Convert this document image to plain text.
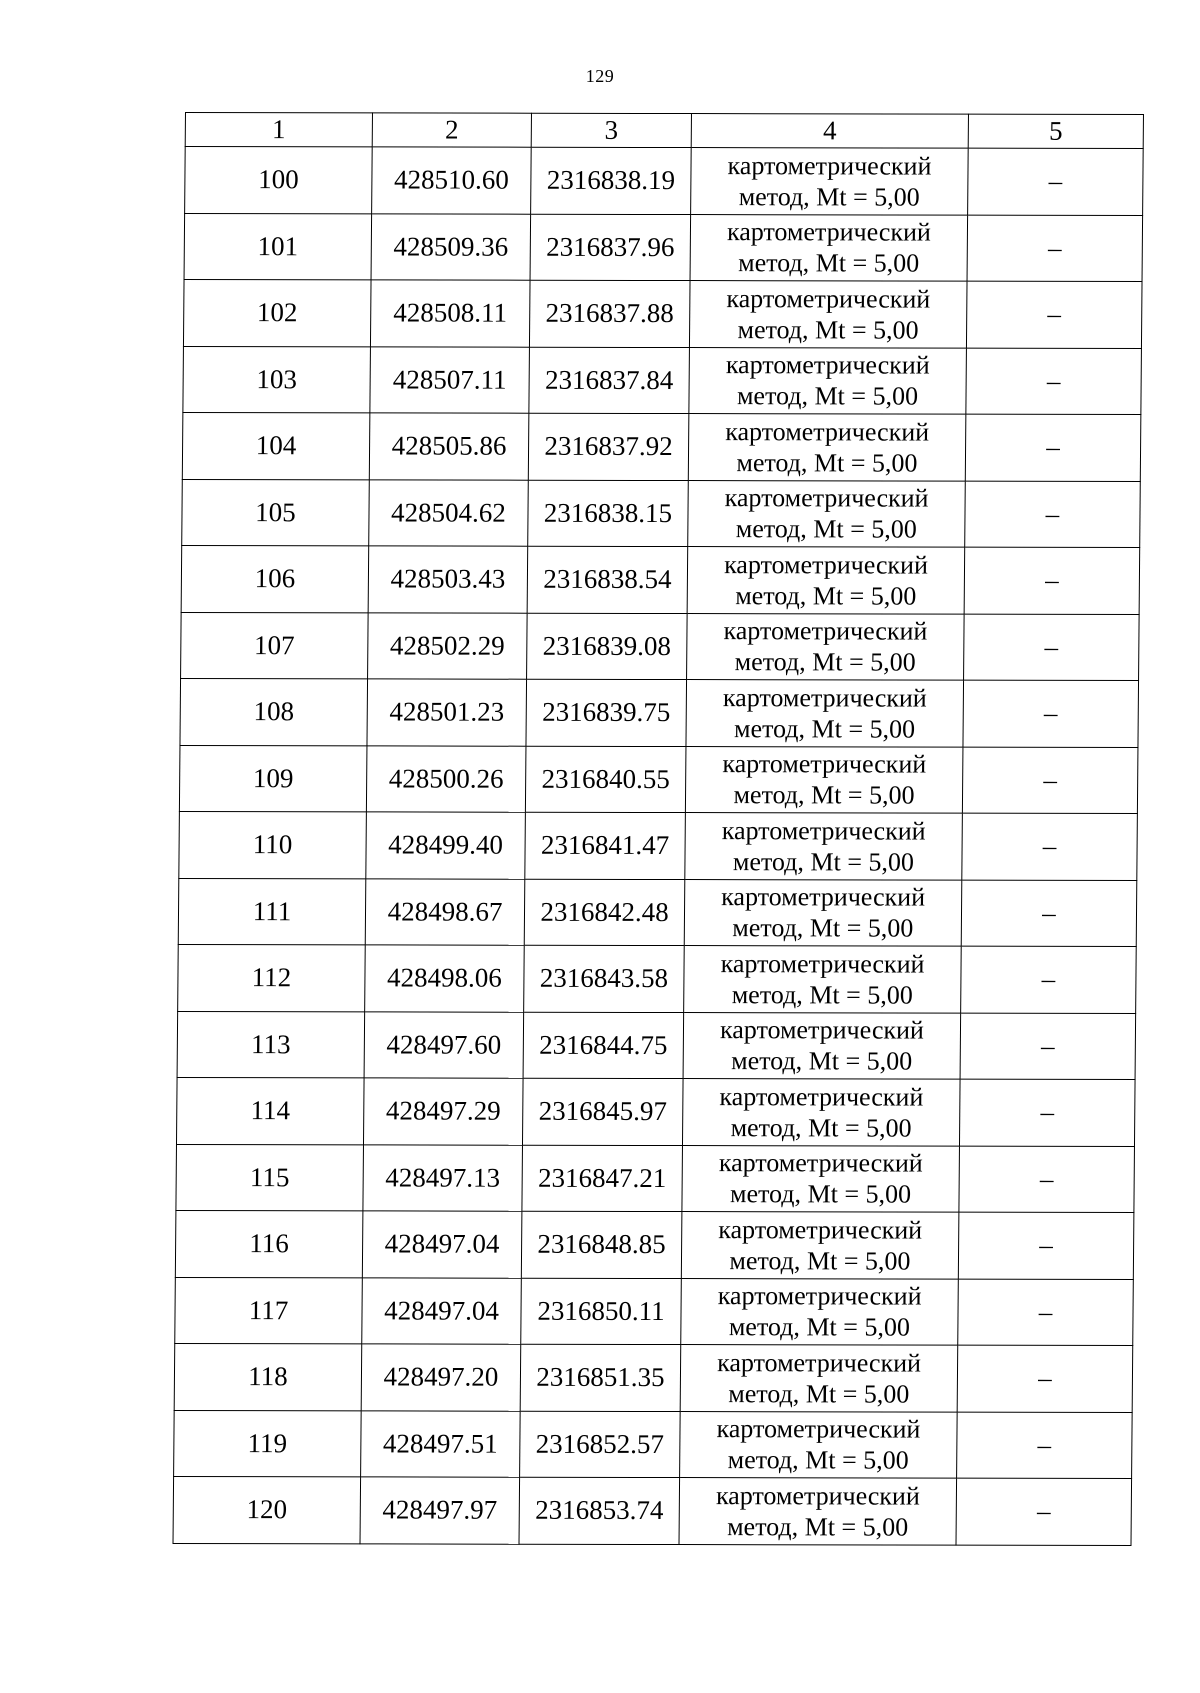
129
1	2	3	4	5
100	428510.60	2316838.19	картометрический
метод, Mt = 5,00	–
101	428509.36	2316837.96	картометрический
метод, Mt = 5,00	–
102	428508.11	2316837.88	картометрический
метод, Mt = 5,00	–
103	428507.11	2316837.84	картометрический
метод, Mt = 5,00	–
104	428505.86	2316837.92	картометрический
метод, Mt = 5,00	–
105	428504.62	2316838.15	картометрический
метод, Mt = 5,00	–
106	428503.43	2316838.54	картометрический
метод, Mt = 5,00	–
107	428502.29	2316839.08	картометрический
метод, Mt = 5,00	–
108	428501.23	2316839.75	картометрический
метод, Mt = 5,00	–
109	428500.26	2316840.55	картометрический
метод, Mt = 5,00	–
110	428499.40	2316841.47	картометрический
метод, Mt = 5,00	–
111	428498.67	2316842.48	картометрический
метод, Mt = 5,00	–
112	428498.06	2316843.58	картометрический
метод, Mt = 5,00	–
113	428497.60	2316844.75	картометрический
метод, Mt = 5,00	–
114	428497.29	2316845.97	картометрический
метод, Mt = 5,00	–
115	428497.13	2316847.21	картометрический
метод, Mt = 5,00	–
116	428497.04	2316848.85	картометрический
метод, Mt = 5,00	–
117	428497.04	2316850.11	картометрический
метод, Mt = 5,00	–
118	428497.20	2316851.35	картометрический
метод, Mt = 5,00	–
119	428497.51	2316852.57	картометрический
метод, Mt = 5,00	–
120	428497.97	2316853.74	картометрический
метод, Mt = 5,00	–
